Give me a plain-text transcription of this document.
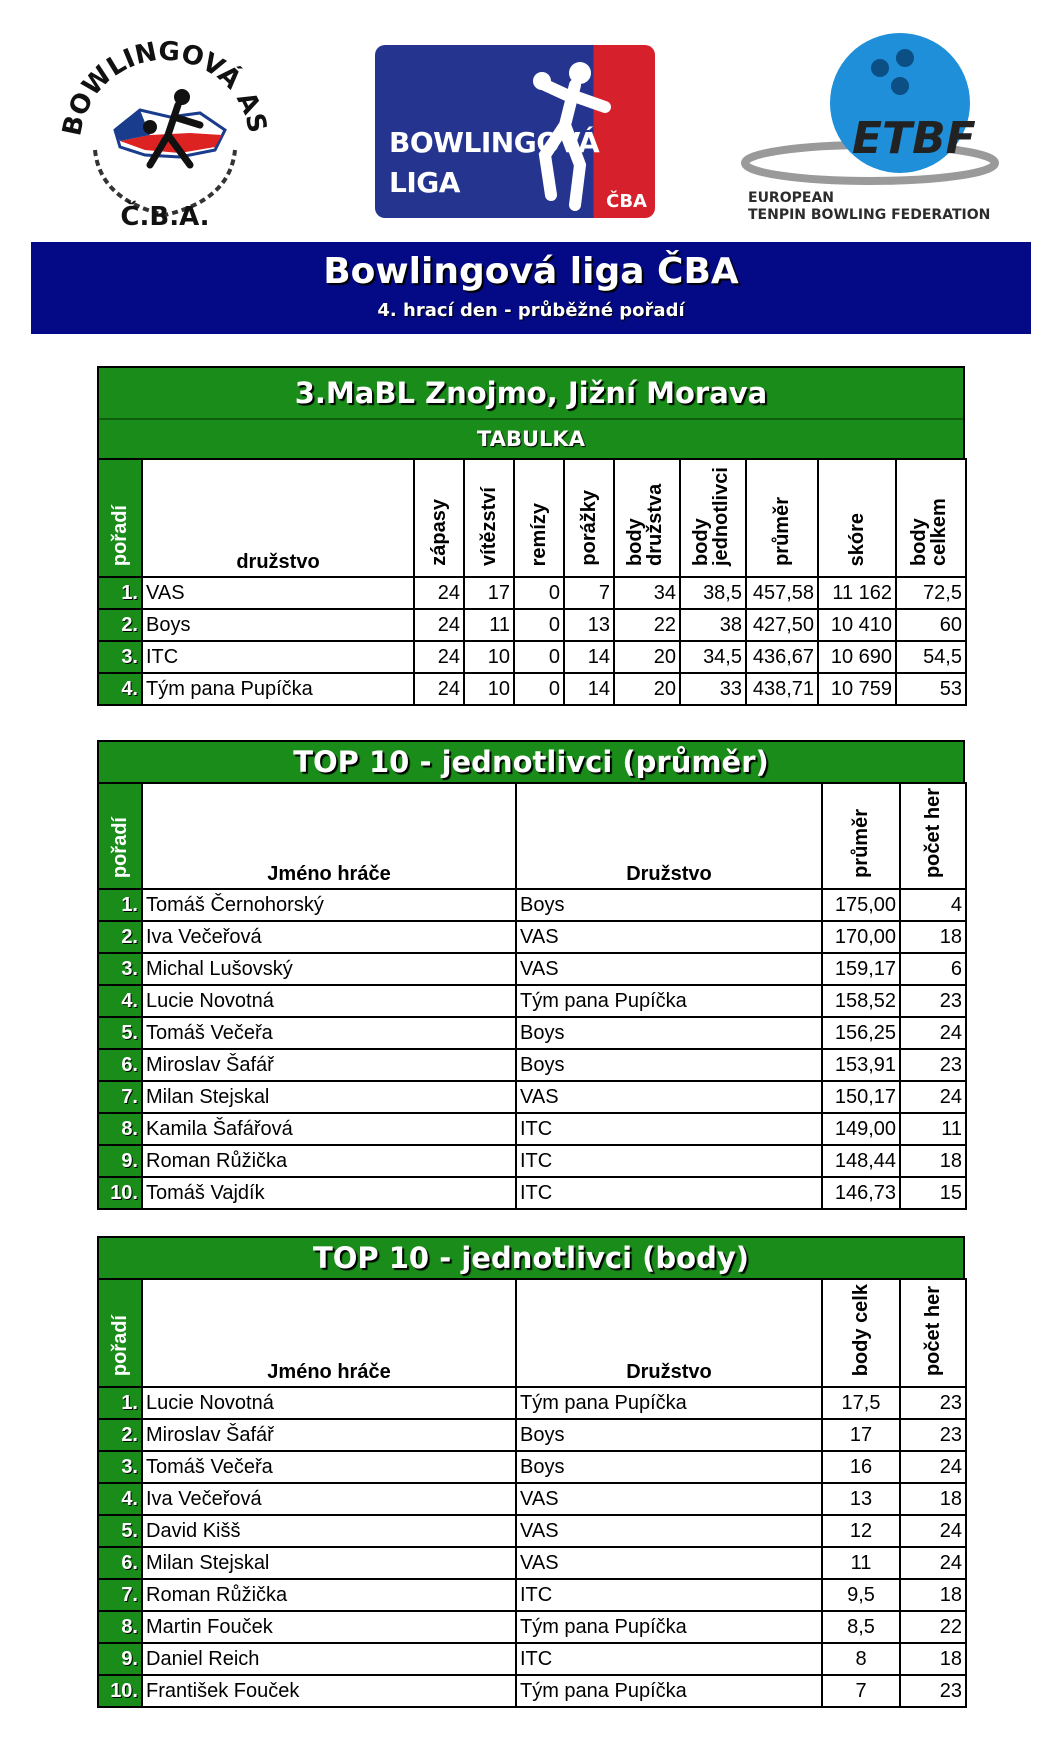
BOWLINGOVÁ AS
Č.B.A.
BOWLINGOVÁ
LIGA
ČBA
ETBF
EUROPEAN
TENPIN BOWLING FEDERATION
Bowlingová liga ČBA
4. hrací den - průběžné pořadí
3.MaBL Znojmo, Jižní Morava
TABULKA
pořadí	družstvo	zápasy	vítězství	remízy	porážky	body družstva	body jednotlivci	průměr	skóre	body celkem
1.	VAS	24	17	0	7	34	38,5	457,58	11 162	72,5
2.	Boys	24	11	0	13	22	38	427,50	10 410	60
3.	ITC	24	10	0	14	20	34,5	436,67	10 690	54,5
4.	Tým pana Pupíčka	24	10	0	14	20	33	438,71	10 759	53
TOP 10 - jednotlivci (průměr)
pořadí	Jméno hráče	Družstvo	průměr	počet her
1.	Tomáš Černohorský	Boys	175,00	4
2.	Iva Večeřová	VAS	170,00	18
3.	Michal Lušovský	VAS	159,17	6
4.	Lucie Novotná	Tým pana Pupíčka	158,52	23
5.	Tomáš Večeřa	Boys	156,25	24
6.	Miroslav Šafář	Boys	153,91	23
7.	Milan Stejskal	VAS	150,17	24
8.	Kamila Šafářová	ITC	149,00	11
9.	Roman Růžička	ITC	148,44	18
10.	Tomáš Vajdík	ITC	146,73	15
TOP 10 - jednotlivci (body)
pořadí	Jméno hráče	Družstvo	body celk	počet her
1.	Lucie Novotná	Tým pana Pupíčka	17,5	23
2.	Miroslav Šafář	Boys	17	23
3.	Tomáš Večeřa	Boys	16	24
4.	Iva Večeřová	VAS	13	18
5.	David Kišš	VAS	12	24
6.	Milan Stejskal	VAS	11	24
7.	Roman Růžička	ITC	9,5	18
8.	Martin Fouček	Tým pana Pupíčka	8,5	22
9.	Daniel Reich	ITC	8	18
10.	František Fouček	Tým pana Pupíčka	7	23
